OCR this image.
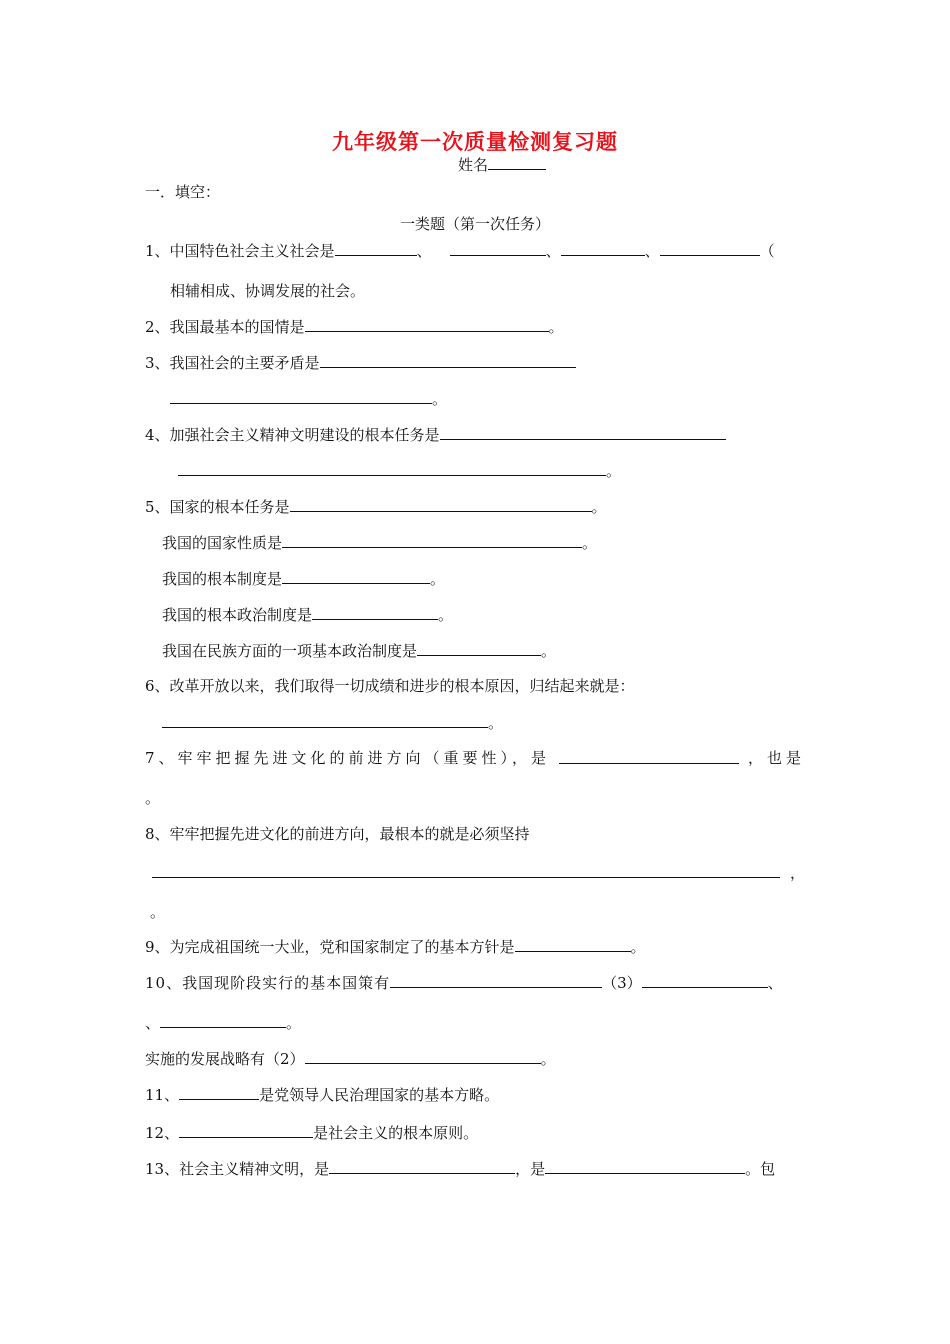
九年级第一次质量检测复习题
姓名
一．填空：
一类题（第一次任务）
1、中国特色社会主义社会是	、	、	、	（
相辅相成、协调发展的社会。
2、我国最基本的国情是	。
3、我国社会的主要矛盾是
。
4、加强社会主义精神文明建设的根本任务是
。
5、国家的根本任务是	。
我国的国家性质是	。
我国的根本制度是	。
我国的根本政治制度是	。
我国在民族方面的一项基本政治制度是	。
6、改革开放以来，我们取得一切成绩和进步的根本原因，归结起来就是：
。
7、牢牢把握先进文化的前进方向（重要性），是	，也是
。
8、牢牢把握先进文化的前进方向，最根本的就是必须坚持
，
。
9、为完成祖国统一大业，党和国家制定了的基本方针是	。
10、我国现阶段实行的基本国策有	（3）	、
、	。
实施的发展战略有（2）	。
11、	是党领导人民治理国家的基本方略。
12、	是社会主义的根本原则。
13、社会主义精神文明，是	，是	。包
